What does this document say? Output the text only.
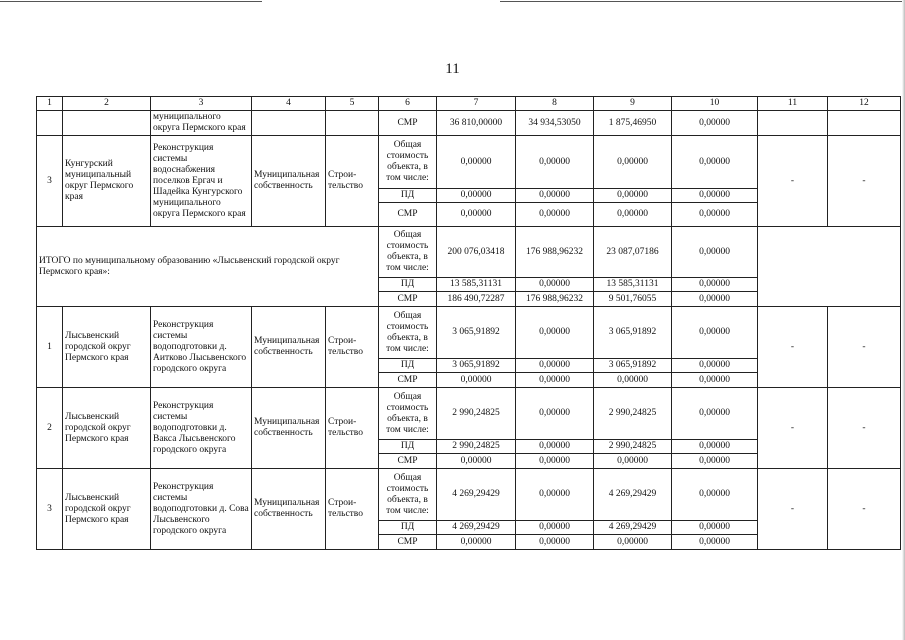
11
1	2	3	4	5	6	7	8	9	10	11	12
		муниципального округа Пермского края			СМР	36 810,00000	34 934,53050	1 875,46950	0,00000		
3	Кунгурский муниципальный округ Пермского края	Реконструкция системы водоснабжения поселков Ергач и Шадейка Кунгурского муниципального округа Пермского края	Муниципальная собственность	Строи-тельство	Общая стоимость объекта, в том числе:	0,00000	0,00000	0,00000	0,00000	-	-
					ПД	0,00000	0,00000	0,00000	0,00000		
					СМР	0,00000	0,00000	0,00000	0,00000		
ИТОГО по муниципальному образованию «Лысьвенский городской округ Пермского края»:					Общая стоимость объекта, в том числе:	200 076,03418	176 988,96232	23 087,07186	0,00000		
					ПД	13 585,31131	0,00000	13 585,31131	0,00000		
					СМР	186 490,72287	176 988,96232	9 501,76055	0,00000		
1	Лысьвенский городской округ Пермского края	Реконструкция системы водоподготовки д. Аитково Лысьвенского городского округа	Муниципальная собственность	Строи-тельство	Общая стоимость объекта, в том числе:	3 065,91892	0,00000	3 065,91892	0,00000	-	-
					ПД	3 065,91892	0,00000	3 065,91892	0,00000		
					СМР	0,00000	0,00000	0,00000	0,00000		
2	Лысьвенский городской округ Пермского края	Реконструкция системы водоподготовки д. Вакса Лысьвенского городского округа	Муниципальная собственность	Строи-тельство	Общая стоимость объекта, в том числе:	2 990,24825	0,00000	2 990,24825	0,00000	-	-
					ПД	2 990,24825	0,00000	2 990,24825	0,00000		
					СМР	0,00000	0,00000	0,00000	0,00000		
3	Лысьвенский городской округ Пермского края	Реконструкция системы водоподготовки д. Сова Лысьвенского городского округа	Муниципальная собственность	Строи-тельство	Общая стоимость объекта, в том числе:	4 269,29429	0,00000	4 269,29429	0,00000	-	-
					ПД	4 269,29429	0,00000	4 269,29429	0,00000		
					СМР	0,00000	0,00000	0,00000	0,00000		
